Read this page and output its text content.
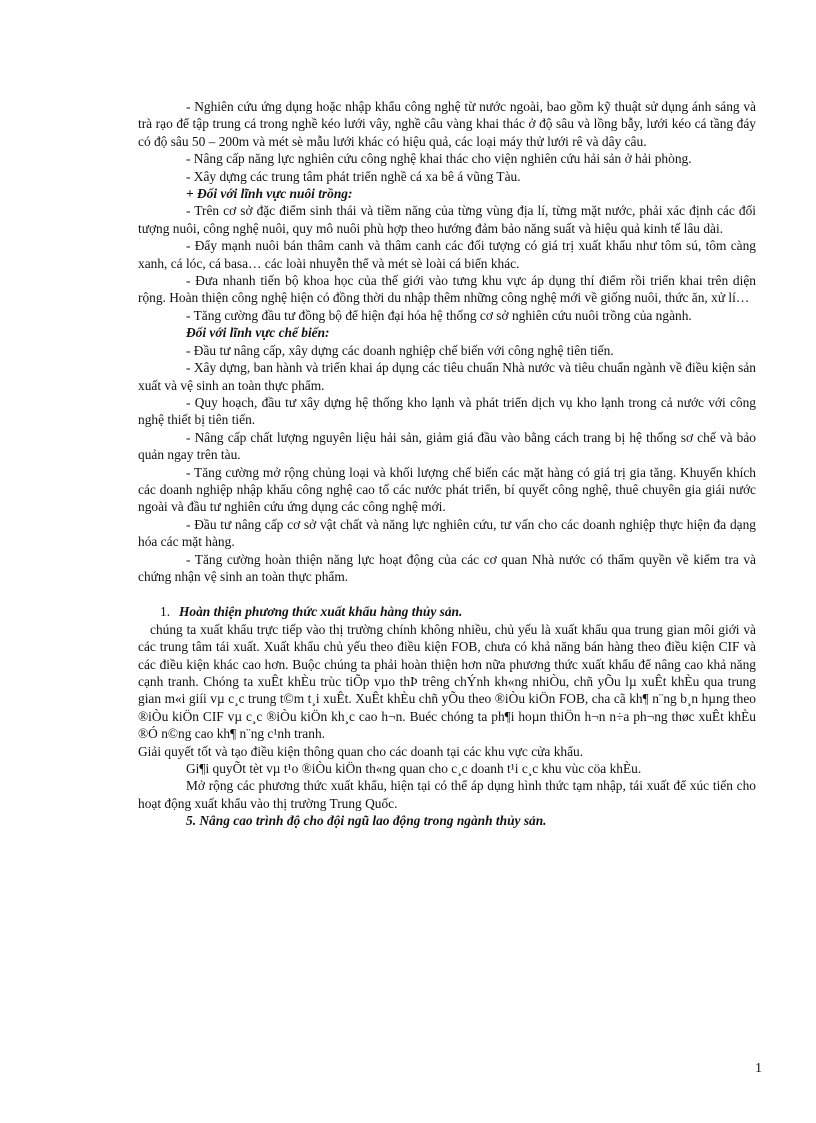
- Nghiên cứu ứng dụng hoặc nhập khẩu công nghệ từ nước ngoài, bao gồm kỹ thuật sử dụng ánh sáng và trà rạo để tập trung cá trong nghề kéo lưới vây, nghề câu vàng khai thác ở độ sâu và lồng bẫy, lưới kéo cá tầng đáy có độ sâu 50 – 200m và mét sè mẫu lưới khác có hiệu quả, các loại máy thử lưới rê và dây câu.

- Nâng cấp năng lực nghiên cứu công nghệ khai thác cho viện nghiên cứu hải sản ở hải phòng.

- Xây dựng các trung tâm phát triển nghề cá xa bê á vũng Tàu.

+ Đối với lĩnh vực nuôi trồng:

- Trên cơ sở đặc điểm sinh thái và tiềm năng của từng vùng địa lí, từng mặt nước, phải xác định các đối tượng nuôi, công nghệ nuôi, quy mô nuôi phù hợp theo hướng đảm bảo năng suất và hiệu quả kinh tế lâu dài.

- Đẩy mạnh nuôi bán thâm canh và thâm canh các đối tượng có giá trị xuất khẩu như tôm sú, tôm càng xanh, cá lóc, cá basa… các loài nhuyễn thể và mét sè loài cá biển khác.

- Đưa nhanh tiến bộ khoa học của thế giới vào tưng khu vực áp dụng thí điểm rồi triển khai trên diện rộng. Hoàn thiện công nghệ hiện có đồng thời du nhập thêm những công nghệ mới về giống nuôi, thức ăn, xử lí…

- Tăng cường đầu tư đồng bộ để hiện đại hóa hệ thống cơ sở nghiên cứu nuôi trồng của ngành.

Đối với lĩnh vực chế biến:

- Đầu tư nâng cấp, xây dựng các doanh nghiệp chế biến với công nghệ tiên tiến.

- Xây dựng, ban hành và triển khai áp dụng các tiêu chuẩn Nhà nước và tiêu chuẩn ngành về điều kiện sản xuất và vệ sinh an toàn thực phẩm.

- Quy hoạch, đầu tư xây dựng hệ thống kho lạnh và phát triển dịch vụ kho lạnh trong cả nước với công nghệ thiết bị tiên tiến.

- Nâng cấp chất lượng nguyên liệu hải sản, giảm giá đầu vào bằng cách trang bị hệ thống sơ chế và bảo quản ngay trên tàu.

- Tăng cường mở rộng chủng loại và khối lượng chế biến các mặt hàng có giá trị gia tăng. Khuyến khích các doanh nghiệp nhập khẩu công nghệ cao tố các nước phát triển, bí quyết công nghệ, thuê chuyên gia giái nước ngoài và đầu tư nghiên cứu ứng dụng các công nghệ mới.

- Đầu tư nâng cấp cơ sở vật chất và năng lực nghiên cứu, tư vấn cho các doanh nghiệp thực hiện đa dạng hóa các mặt hàng.

- Tăng cường hoàn thiện năng lực hoạt động của các cơ quan Nhà nước có thẩm quyền về kiểm tra và chứng nhận vệ sinh an toàn thực phẩm.

1. Hoàn thiện phương thức xuất khẩu hàng thủy sản.

chúng ta xuất khẩu trực tiếp vào thị trường chính không nhiều, chủ yếu là xuất khẩu qua trung gian môi giới và các trung tâm tái xuất. Xuất khẩu chủ yếu theo điều kiện FOB, chưa có khả năng bán hàng theo điều kiện CIF và các điều kiện khác cao hơn. Buộc chúng ta phải hoàn thiện hơn nữa phương thức xuất khẩu để nâng cao khả năng cạnh tranh. Chóng ta xuÊt khÈu trùc tiÕp vµo thÞ trêng chÝnh kh«ng nhiÒu, chñ yÕu lµ xuÊt khÈu qua trung gian m«i giíi vµ c¸c trung t©m t¸i xuÊt. XuÊt khÈu chñ yÕu theo ®iÒu kiÖn FOB, cha cã kh¶ n¨ng b¸n hµng theo ®iÒu kiÖn CIF vµ c¸c ®iÒu kiÖn kh¸c cao h¬n. Buéc chóng ta ph¶i hoµn thiÖn h¬n n÷a ph¬ng thøc xuÊt khÈu ®Ó n©ng cao kh¶ n¨ng c¹nh tranh.

Giải quyết tốt và tạo điều kiện thông quan cho các doanh tại các khu vực cửa khẩu.

Gi¶i quyÕt tèt vµ t¹o ®iÒu kiÖn th«ng quan cho c¸c doanh t¹i c¸c khu vùc cöa khÈu.

Mở rộng các phương thức xuất khẩu, hiện tại có thể áp dụng hình thức tạm nhập, tái xuất để xúc tiến cho hoạt động xuất khẩu vào thị trường Trung Quốc.

5. Nâng cao trình độ cho đội ngũ lao động trong ngành thủy sản.

1
